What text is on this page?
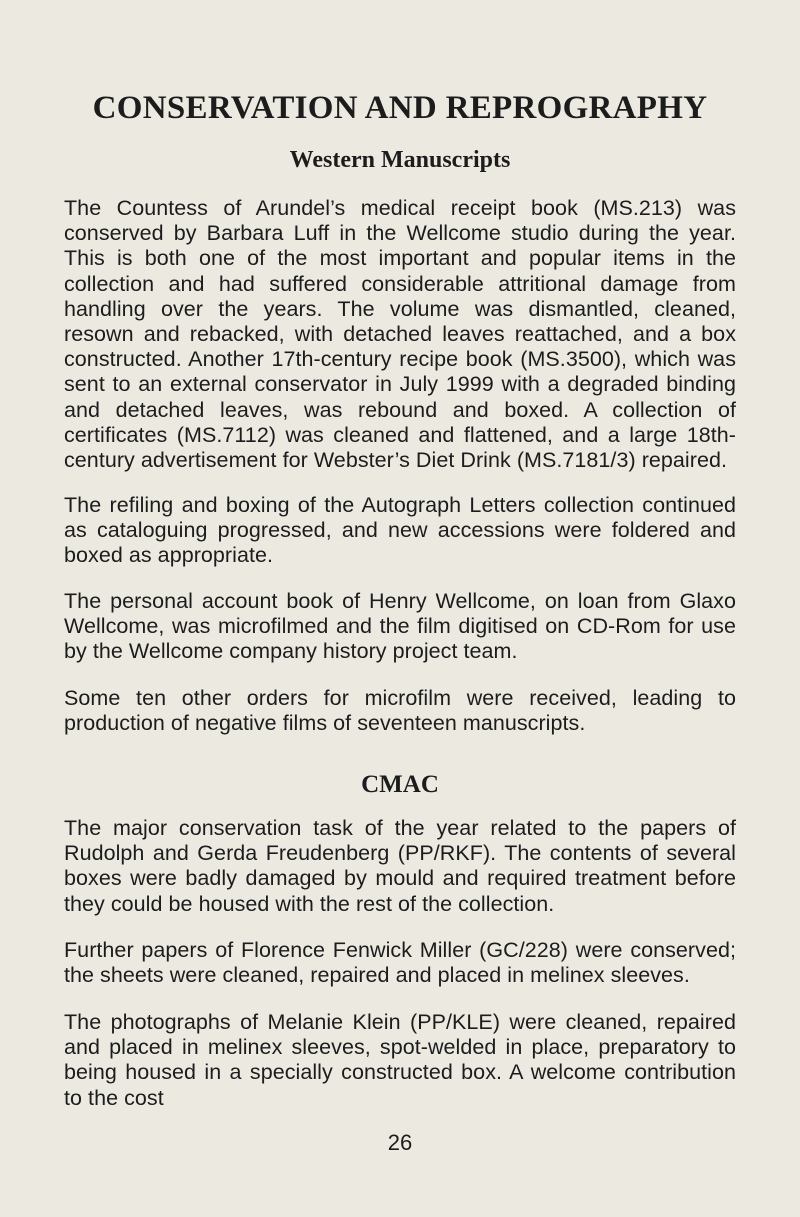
CONSERVATION AND REPROGRAPHY
Western Manuscripts

The Countess of Arundel’s medical receipt book (MS.213) was conserved by Barbara Luff in the Wellcome studio during the year. This is both one of the most important and popular items in the collection and had suffered considerable attritional damage from handling over the years. The volume was dismantled, cleaned, resown and rebacked, with detached leaves reattached, and a box constructed. Another 17th-century recipe book (MS.3500), which was sent to an external conservator in July 1999 with a degraded binding and detached leaves, was rebound and boxed. A collection of certificates (MS.7112) was cleaned and flattened, and a large 18th-century advertisement for Webster’s Diet Drink (MS.7181/3) repaired.

The refiling and boxing of the Autograph Letters collection continued as cataloguing progressed, and new accessions were foldered and boxed as appropriate.

The personal account book of Henry Wellcome, on loan from Glaxo Wellcome, was microfilmed and the film digitised on CD-Rom for use by the Wellcome company history project team.

Some ten other orders for microfilm were received, leading to production of negative films of seventeen manuscripts.

CMAC

The major conservation task of the year related to the papers of Rudolph and Gerda Freudenberg (PP/RKF). The contents of several boxes were badly damaged by mould and required treatment before they could be housed with the rest of the collection.

Further papers of Florence Fenwick Miller (GC/228) were conserved; the sheets were cleaned, repaired and placed in melinex sleeves.

The photographs of Melanie Klein (PP/KLE) were cleaned, repaired and placed in melinex sleeves, spot-welded in place, preparatory to being housed in a specially constructed box. A welcome contribution to the cost

26
